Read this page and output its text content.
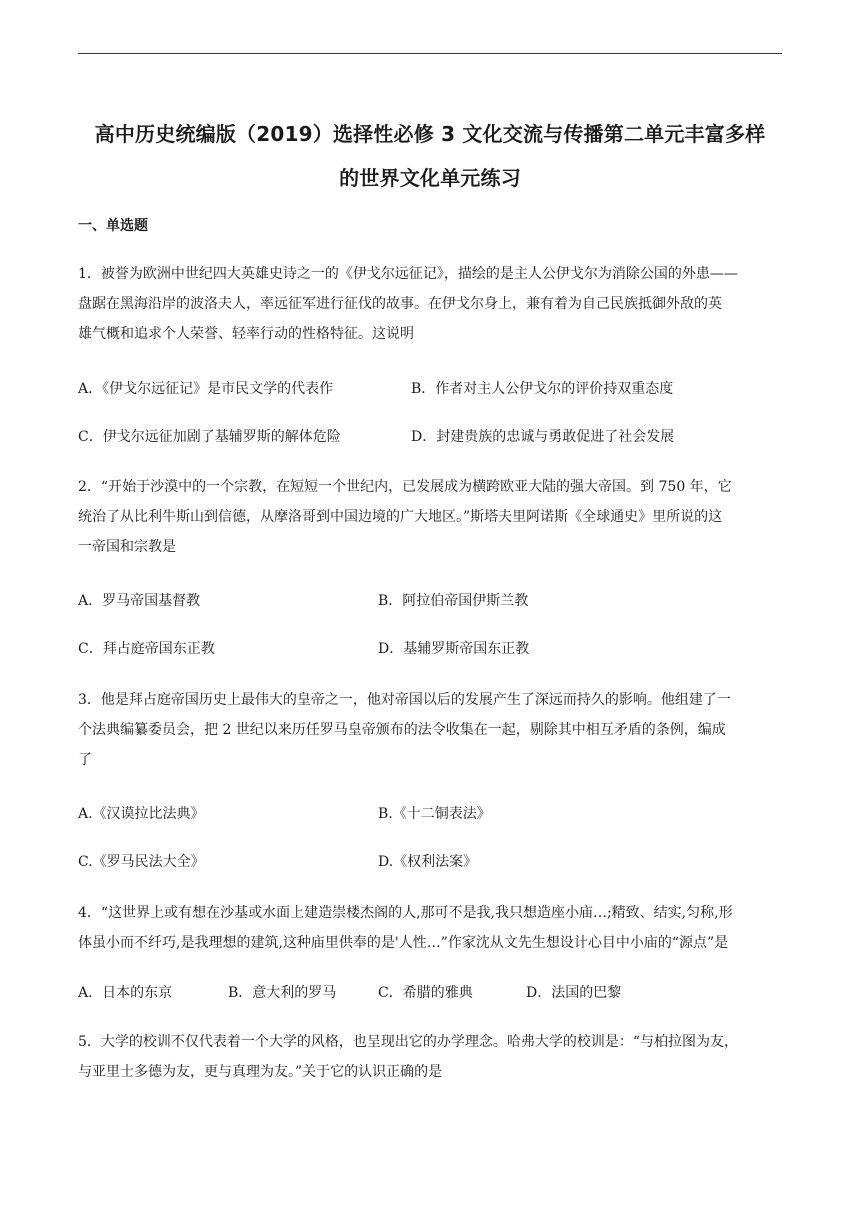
高中历史统编版（2019）选择性必修 3 文化交流与传播第二单元丰富多样
的世界文化单元练习
一、单选题
1．被誉为欧洲中世纪四大英雄史诗之一的《伊戈尔远征记》，描绘的是主人公伊戈尔为消除公国的外患——
盘踞在黑海沿岸的波洛夫人，率远征军进行征伐的故事。在伊戈尔身上，兼有着为自己民族抵御外敌的英
雄气概和追求个人荣誉、轻率行动的性格特征。这说明
A．《伊戈尔远征记》是市民文学的代表作	B．作者对主人公伊戈尔的评价持双重态度
C．伊戈尔远征加剧了基辅罗斯的解体危险	D．封建贵族的忠诚与勇敢促进了社会发展
2．“开始于沙漠中的一个宗教，在短短一个世纪内，已发展成为横跨欧亚大陆的强大帝国。到 750 年，它
统治了从比利牛斯山到信德，从摩洛哥到中国边境的广大地区。”斯塔夫里阿诺斯《全球通史》里所说的这
一帝国和宗教是
A．罗马帝国基督教	B．阿拉伯帝国伊斯兰教
C．拜占庭帝国东正教	D．基辅罗斯帝国东正教
3．他是拜占庭帝国历史上最伟大的皇帝之一，他对帝国以后的发展产生了深远而持久的影响。他组建了一
个法典编纂委员会，把 2 世纪以来历任罗马皇帝颁布的法令收集在一起，剔除其中相互矛盾的条例，编成
了
A.《汉谟拉比法典》	B.《十二铜表法》
C.《罗马民法大全》	D.《权利法案》
4．“这世界上或有想在沙基或水面上建造崇楼杰阁的人,那可不是我,我只想造座小庙…;精致、结实,匀称,形
体虽小而不纤巧,是我理想的建筑,这种庙里供奉的是'人性…”作家沈从文先生想设计心目中小庙的“源点”是
A．日本的东京	B．意大利的罗马	C．希腊的雅典	D．法国的巴黎
5．大学的校训不仅代表着一个大学的风格，也呈现出它的办学理念。哈弗大学的校训是：“与柏拉图为友，
与亚里士多德为友，更与真理为友。”关于它的认识正确的是
